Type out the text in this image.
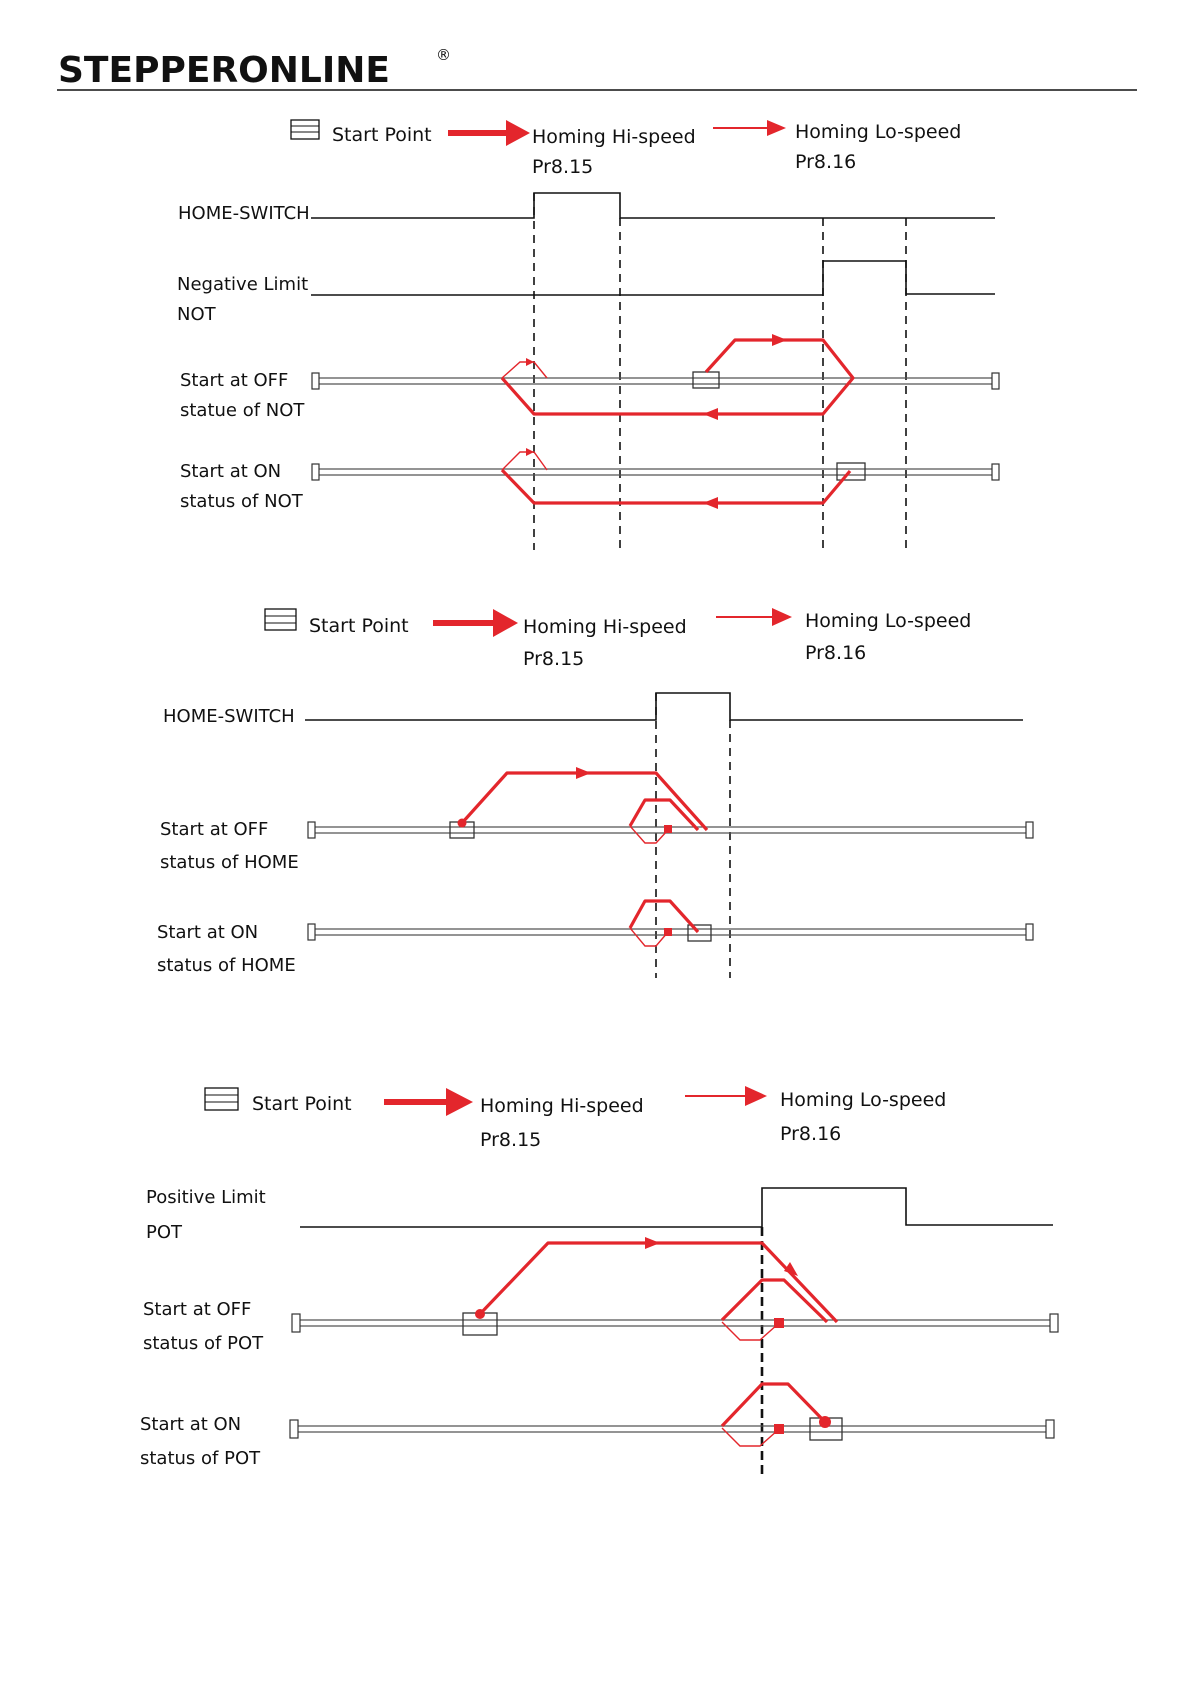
STEPPERONLINE	®
Start Point	Homing Hi-speed
Pr8.15
Homing Lo-speed
Pr8.16
HOME-SWITCH
Negative Limit
NOT
Start at OFF
statue of NOT
Start at ON
status of NOT
Start Point	Homing Hi-speed
Pr8.15
Homing Lo-speed
Pr8.16
HOME-SWITCH
Start at OFF
status of HOME
Start at ON
status of HOME
Start Point	Homing Hi-speed
Pr8.15
Homing Lo-speed
Pr8.16
Positive Limit
POT
Start at OFF
status of POT
Start at ON
status of POT
